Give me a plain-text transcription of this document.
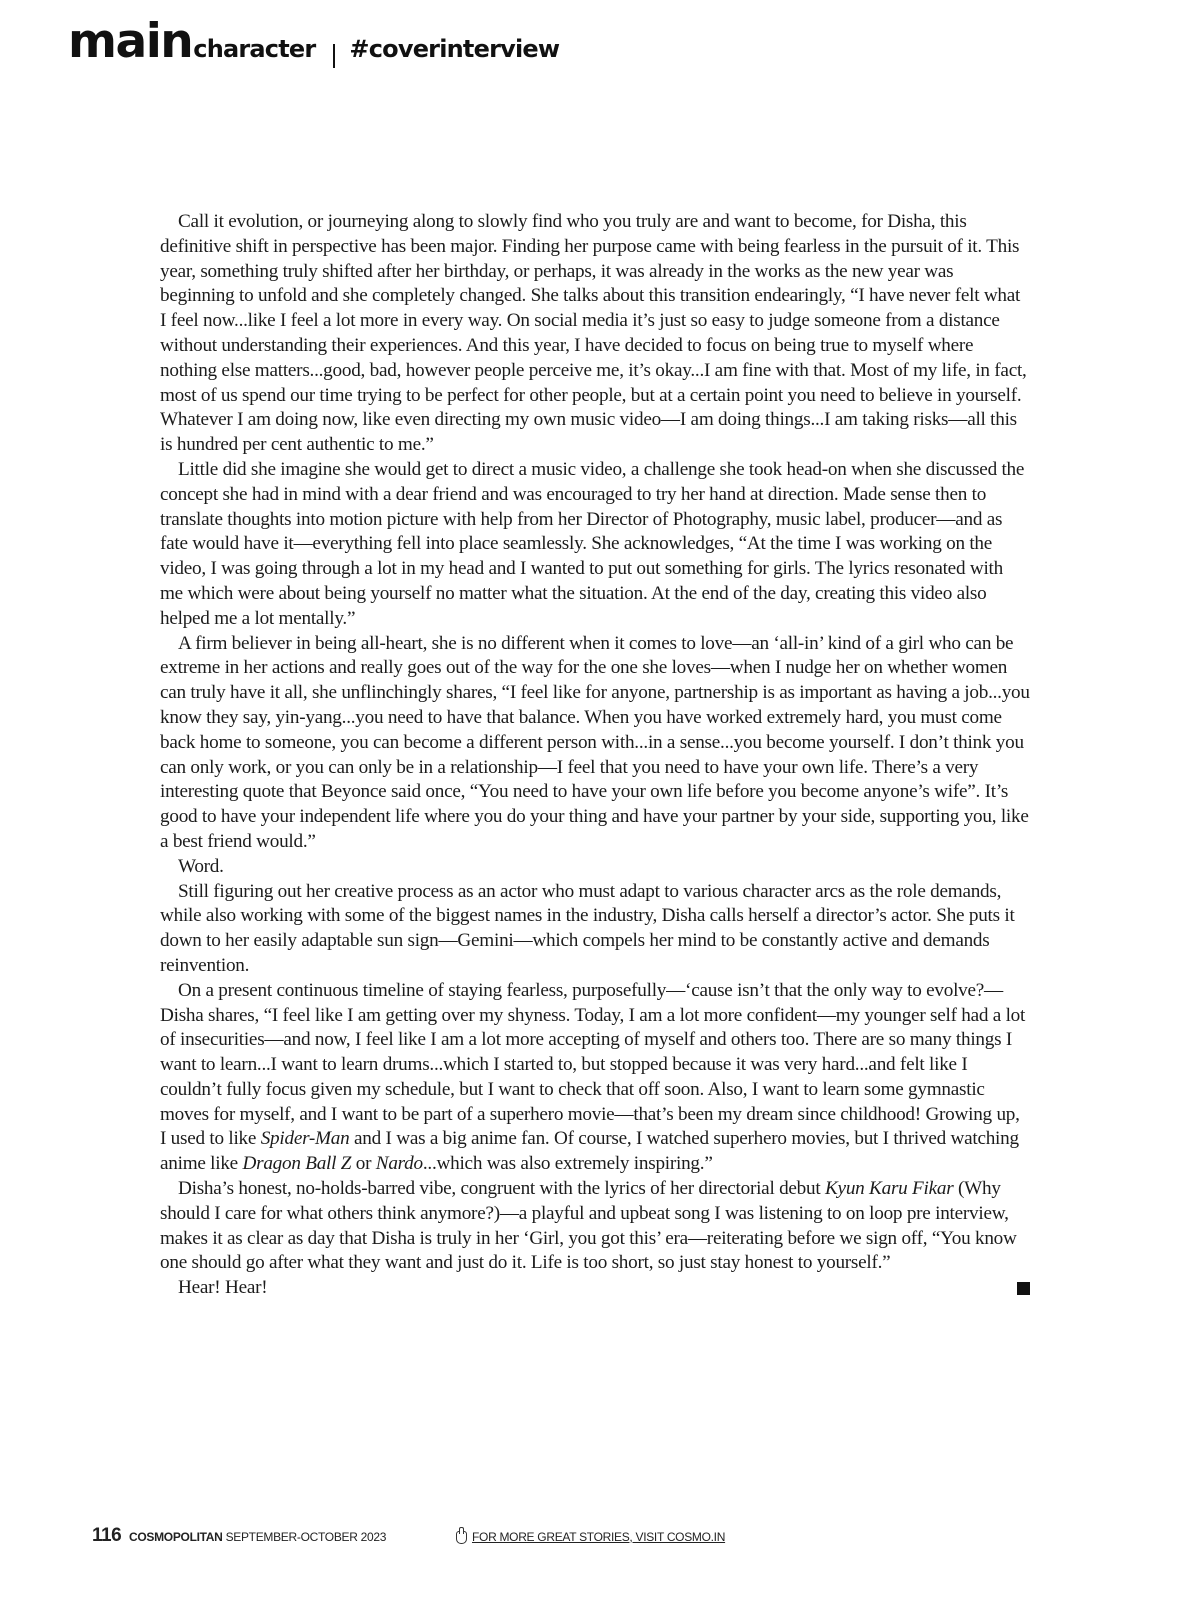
main character #coverinterview

Call it evolution, or journeying along to slowly find who you truly are and want to become, for Disha, this definitive shift in perspective has been major. Finding her purpose came with being fearless in the pursuit of it. This year, something truly shifted after her birthday, or perhaps, it was already in the works as the new year was beginning to unfold and she completely changed. She talks about this transition endearingly, “I have never felt what I feel now...like I feel a lot more in every way. On social media it’s just so easy to judge someone from a distance without understanding their experiences. And this year, I have decided to focus on being true to myself where nothing else matters...good, bad, however people perceive me, it’s okay...I am fine with that. Most of my life, in fact, most of us spend our time trying to be perfect for other people, but at a certain point you need to believe in yourself. Whatever I am doing now, like even directing my own music video—I am doing things...I am taking risks—all this is hundred per cent authentic to me.”

Little did she imagine she would get to direct a music video, a challenge she took head-on when she discussed the concept she had in mind with a dear friend and was encouraged to try her hand at direction. Made sense then to translate thoughts into motion picture with help from her Director of Photography, music label, producer—and as fate would have it—everything fell into place seamlessly. She acknowledges, “At the time I was working on the video, I was going through a lot in my head and I wanted to put out something for girls. The lyrics resonated with me which were about being yourself no matter what the situation. At the end of the day, creating this video also helped me a lot mentally.”

A firm believer in being all-heart, she is no different when it comes to love—an ‘all-in’ kind of a girl who can be extreme in her actions and really goes out of the way for the one she loves—when I nudge her on whether women can truly have it all, she unflinchingly shares, “I feel like for anyone, partnership is as important as having a job...you know they say, yin-yang...you need to have that balance. When you have worked extremely hard, you must come back home to someone, you can become a different person with...in a sense...you become yourself. I don’t think you can only work, or you can only be in a relationship—I feel that you need to have your own life. There’s a very interesting quote that Beyonce said once, “You need to have your own life before you become anyone’s wife”. It’s good to have your independent life where you do your thing and have your partner by your side, supporting you, like a best friend would.”

Word.

Still figuring out her creative process as an actor who must adapt to various character arcs as the role demands, while also working with some of the biggest names in the industry, Disha calls herself a director’s actor. She puts it down to her easily adaptable sun sign—Gemini—which compels her mind to be constantly active and demands reinvention.

On a present continuous timeline of staying fearless, purposefully—‘cause isn’t that the only way to evolve?—Disha shares, “I feel like I am getting over my shyness. Today, I am a lot more confident—my younger self had a lot of insecurities—and now, I feel like I am a lot more accepting of myself and others too. There are so many things I want to learn...I want to learn drums...which I started to, but stopped because it was very hard...and felt like I couldn’t fully focus given my schedule, but I want to check that off soon. Also, I want to learn some gymnastic moves for myself, and I want to be part of a superhero movie—that’s been my dream since childhood! Growing up, I used to like Spider-Man and I was a big anime fan. Of course, I watched superhero movies, but I thrived watching anime like Dragon Ball Z or Nardo...which was also extremely inspiring.”

Disha’s honest, no-holds-barred vibe, congruent with the lyrics of her directorial debut Kyun Karu Fikar (Why should I care for what others think anymore?)—a playful and upbeat song I was listening to on loop pre interview, makes it as clear as day that Disha is truly in her ‘Girl, you got this’ era—reiterating before we sign off, “You know one should go after what they want and just do it. Life is too short, so just stay honest to yourself.”

Hear! Hear!

116 COSMOPOLITAN SEPTEMBER-OCTOBER 2023	FOR MORE GREAT STORIES, VISIT COSMO.IN
